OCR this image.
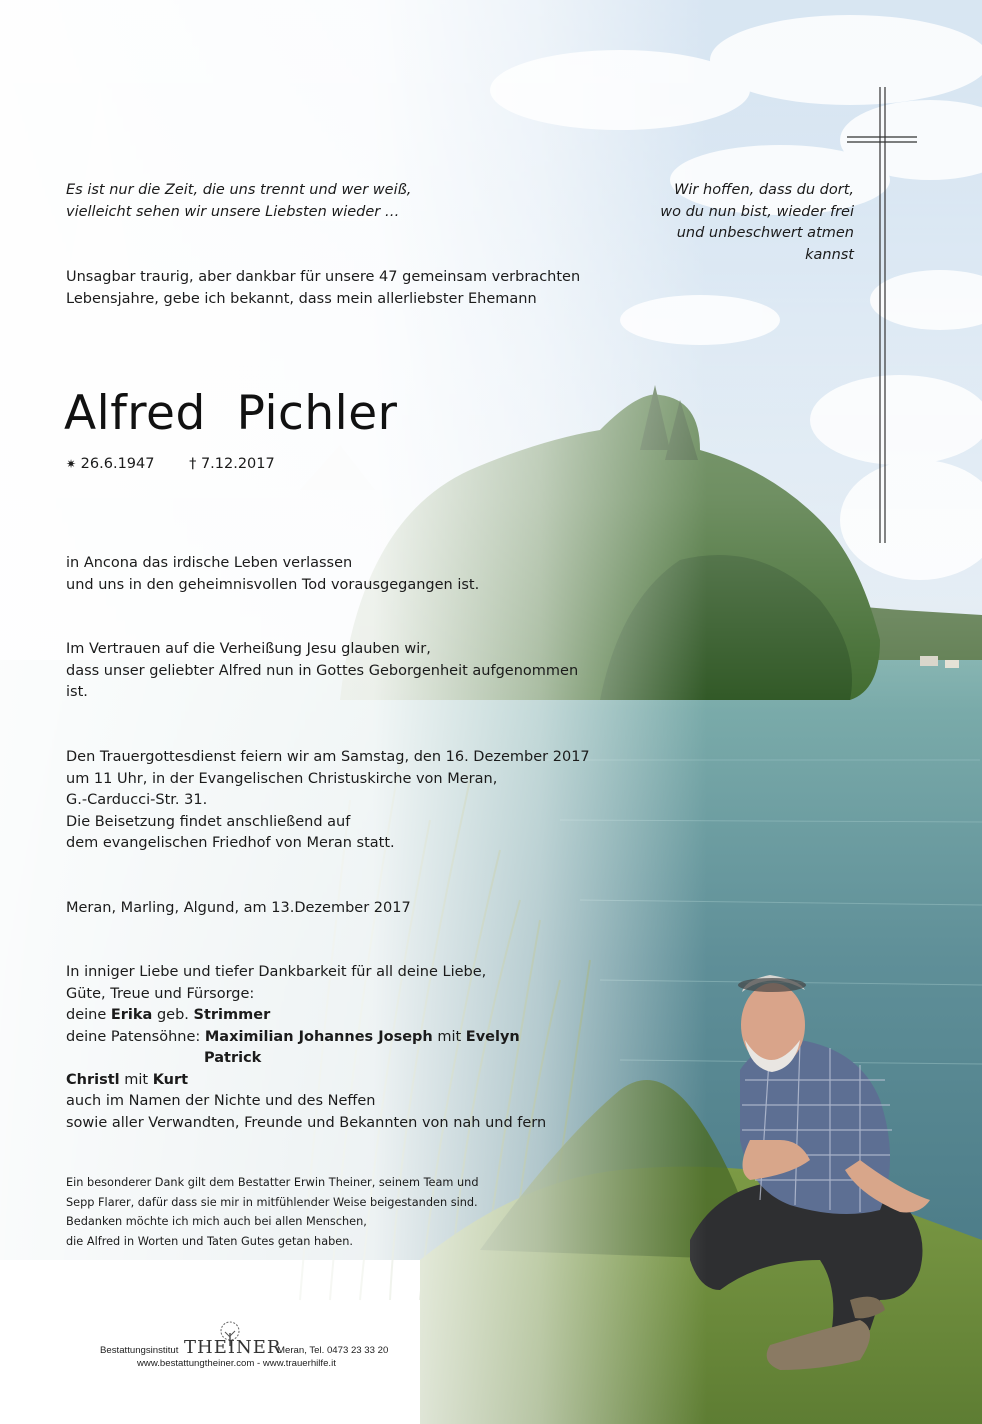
Es ist nur die Zeit, die uns trennt und wer weiß,
vielleicht sehen wir unsere Liebsten wieder …
Wir hoffen, dass du dort,
wo du nun bist, wieder frei
und unbeschwert atmen
kannst
Unsagbar traurig, aber dankbar für unsere 47 gemeinsam verbrachten
Lebensjahre, gebe ich bekannt, dass mein allerliebster Ehemann
Alfred  Pichler
✷ 26.6.1947 † 7.12.2017
in Ancona das irdische Leben verlassen
und uns in den geheimnisvollen Tod vorausgegangen ist.
Im Vertrauen auf die Verheißung Jesu glauben wir,
dass unser geliebter Alfred nun in Gottes Geborgenheit aufgenommen
ist.
Den Trauergottesdienst feiern wir am Samstag, den 16. Dezember 2017
um 11 Uhr, in der Evangelischen Christuskirche von Meran,
G.-Carducci-Str. 31.
Die Beisetzung findet anschließend auf
dem evangelischen Friedhof von Meran statt.
Meran, Marling, Algund, am 13.Dezember 2017
In inniger Liebe und tiefer Dankbarkeit für all deine Liebe,
Güte, Treue und Fürsorge:
deine Erika geb. Strimmer
deine Patensöhne: Maximilian Johannes Joseph mit Evelyn
Patrick
Christl mit Kurt
auch im Namen der Nichte und des Neffen
sowie aller Verwandten, Freunde und Bekannten von nah und fern
Ein besonderer Dank gilt dem Bestatter Erwin Theiner, seinem Team und
Sepp Flarer, dafür dass sie mir in mitfühlender Weise beigestanden sind.
Bedanken möchte ich mich auch bei allen Menschen,
die Alfred in Worten und Taten Gutes getan haben.
Bestattungsinstitut THEINER
Meran, Tel. 0473 23 33 20
www.bestattungtheiner.com - www.trauerhilfe.it
